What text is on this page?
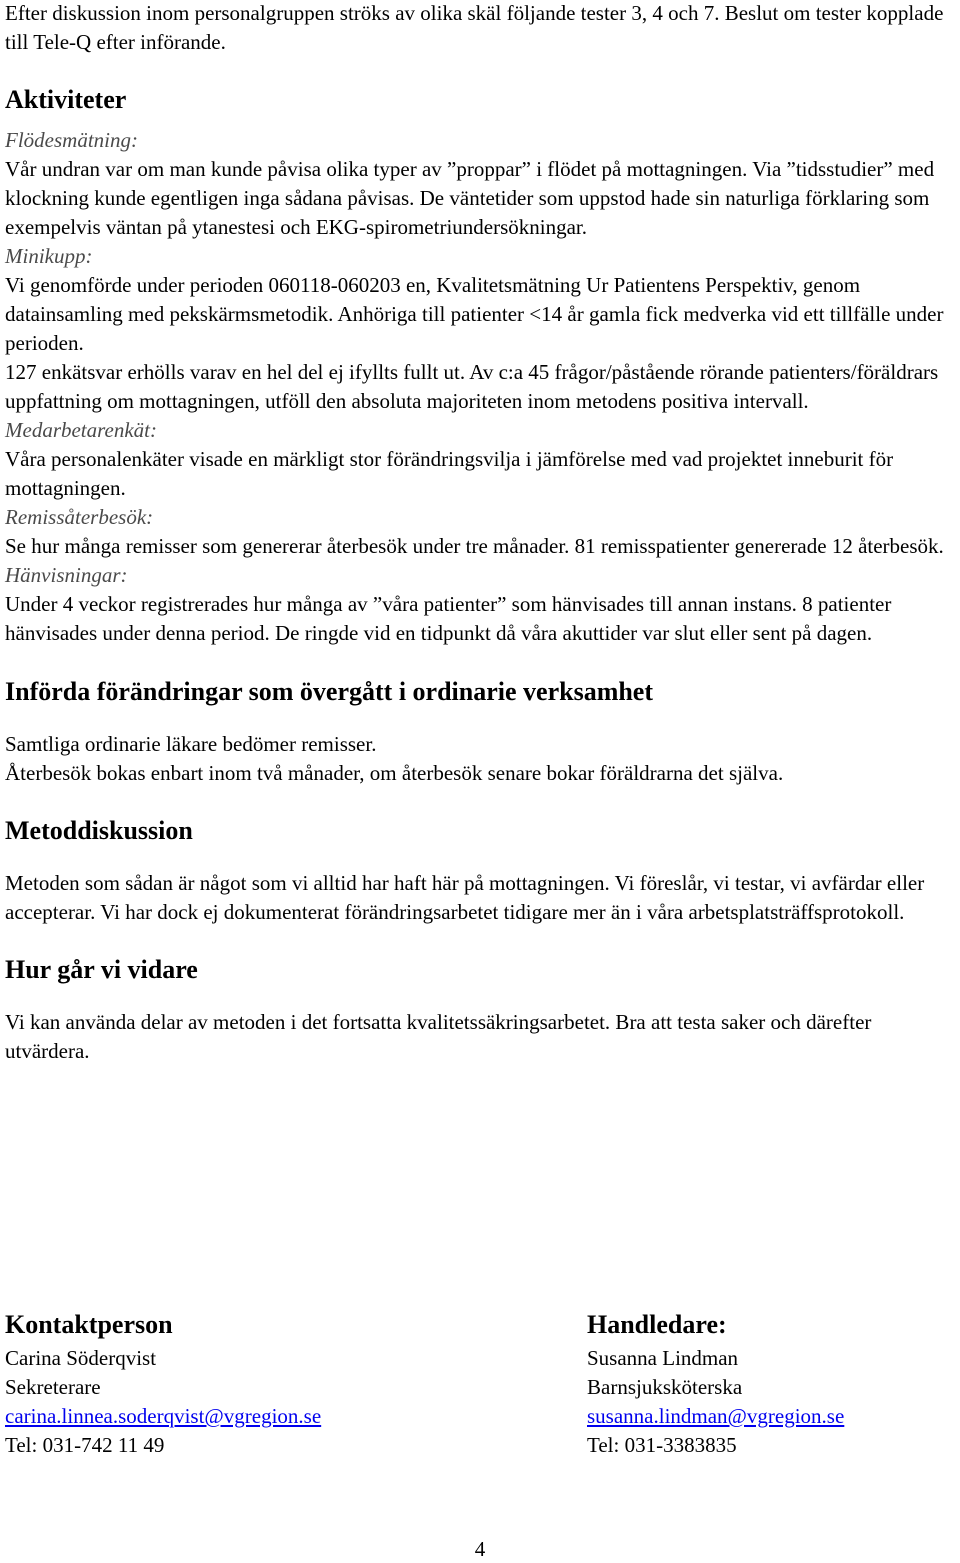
Efter diskussion inom personalgruppen ströks av olika skäl följande tester 3, 4 och 7. Beslut om tester kopplade till Tele-Q efter införande.

Aktiviteter

Flödesmätning:

Vår undran var om man kunde påvisa olika typer av ”proppar” i flödet på mottagningen. Via ”tidsstudier” med klockning kunde egentligen inga sådana påvisas. De väntetider som uppstod hade sin naturliga förklaring som exempelvis väntan på ytanestesi och EKG-spirometriundersökningar.

Minikupp:

Vi genomförde under perioden 060118-060203 en, Kvalitetsmätning Ur Patientens Perspektiv, genom datainsamling med pekskärmsmetodik. Anhöriga till patienter <14 år gamla fick medverka vid ett tillfälle under perioden.

127 enkätsvar erhölls varav en hel del ej ifyllts fullt ut. Av c:a 45 frågor/påstående rörande patienters/föräldrars uppfattning om mottagningen, utföll den absoluta majoriteten inom metodens positiva intervall.

Medarbetarenkät:

Våra personalenkäter visade en märkligt stor förändringsvilja i jämförelse med vad projektet inneburit för mottagningen.

Remissåterbesök:

Se hur många remisser som genererar återbesök under tre månader. 81 remisspatienter genererade 12 återbesök.

Hänvisningar:

Under 4 veckor registrerades hur många av ”våra patienter” som hänvisades till annan instans. 8 patienter hänvisades under denna period. De ringde vid en tidpunkt då våra akuttider var slut eller sent på dagen.

Införda förändringar som övergått i ordinarie verksamhet

Samtliga ordinarie läkare bedömer remisser.

Återbesök bokas enbart inom två månader, om återbesök senare bokar föräldrarna det själva.

Metoddiskussion

Metoden som sådan är något som vi alltid har haft här på mottagningen. Vi föreslår, vi testar, vi avfärdar eller accepterar. Vi har dock ej dokumenterat förändringsarbetet tidigare mer än i våra arbetsplatsträffsprotokoll.

Hur går vi vidare

Vi kan använda delar av metoden i det fortsatta kvalitetssäkringsarbetet. Bra att testa saker och därefter utvärdera.

Kontaktperson

Carina Söderqvist

Sekreterare

carina.linnea.soderqvist@vgregion.se

Tel: 031-742 11 49

Handledare:

Susanna Lindman

Barnsjuksköterska

susanna.lindman@vgregion.se

Tel: 031-3383835

4
